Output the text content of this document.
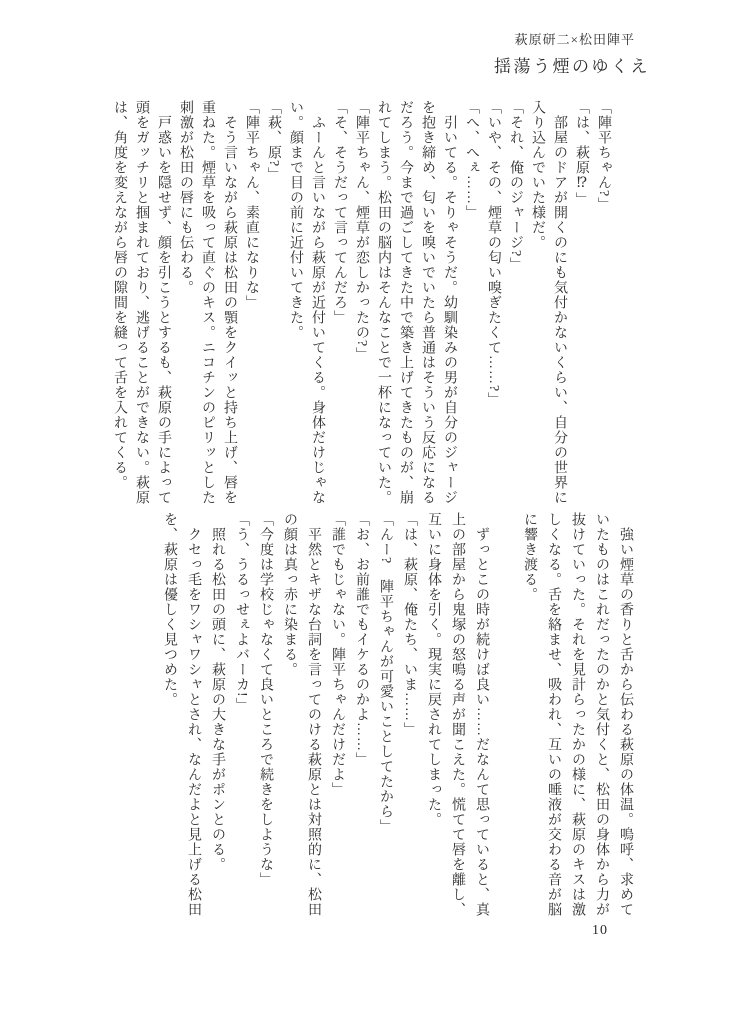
萩原研二×松田陣平
揺蕩う煙のゆくえ

「陣平ちゃん?」

「は、萩原⁉」

　部屋のドアが開くのにも気付かないくらい、自分の世界に

入り込んでいた様だ。

「それ、俺のジャージ?」

「いや、その、煙草の匂い嗅ぎたくて……?」

「へ、へぇ……」

　引いてる。そりゃそうだ。幼馴染みの男が自分のジャージ

を抱き締め、匂いを嗅いでいたら普通はそういう反応になる

だろう。今まで過ごしてきた中で築き上げてきたものが、崩

れてしまう。松田の脳内はそんなことで一杯になっていた。

「陣平ちゃん、煙草が恋しかったの?」

「そ、そうだって言ってんだろ」

　ふーんと言いながら萩原が近付いてくる。身体だけじゃな

い。顔まで目の前に近付いてきた。

「萩、原?」

「陣平ちゃん、素直になりな」

　そう言いながら萩原は松田の顎をクイッと持ち上げ、唇を

重ねた。煙草を吸って直ぐのキス。ニコチンのピリッとした

刺激が松田の唇にも伝わる。

　戸惑いを隠せず、顔を引こうとするも、萩原の手によって

頭をガッチリと掴まれており、逃げることができない。萩原

は、角度を変えながら唇の隙間を縫って舌を入れてくる。

　強い煙草の香りと舌から伝わる萩原の体温。嗚呼、求めて

いたものはこれだったのかと気付くと、松田の身体から力が

抜けていった。それを見計らったかの様に、萩原のキスは激

しくなる。舌を絡ませ、吸われ、互いの唾液が交わる音が脳

に響き渡る。

　ずっとこの時が続けば良い……だなんて思っていると、真

上の部屋から鬼塚の怒鳴る声が聞こえた。慌てて唇を離し、

互いに身体を引く。現実に戻されてしまった。

「は、萩原、俺たち、いま……」

「んー?　陣平ちゃんが可愛いことしてたから」

「お、お前誰でもイケるのかよ……」

「誰でもじゃない。陣平ちゃんだけだよ」

　平然とキザな台詞を言ってのける萩原とは対照的に、松田

の顔は真っ赤に染まる。

「今度は学校じゃなくて良いところで続きをしような」

「う、うるっせぇよバーカ!」

　照れる松田の頭に、萩原の大きな手がポンとのる。

　クセっ毛をワシャワシャとされ、なんだよと見上げる松田

を、萩原は優しく見つめた。

10
